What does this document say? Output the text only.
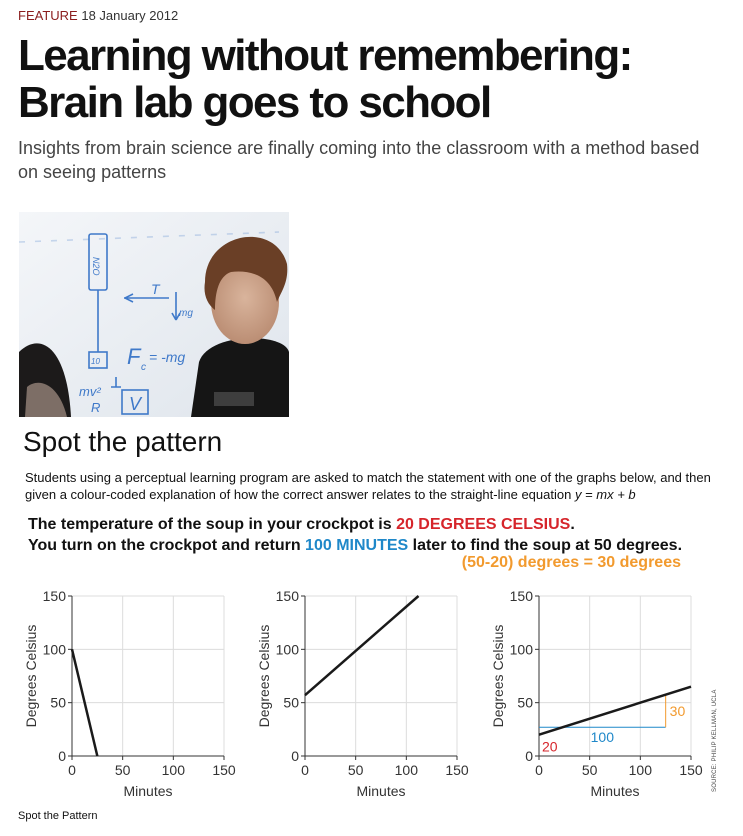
FEATURE 18 January 2012
Learning without remembering:
Brain lab goes to school

Insights from brain science are finally coming into the classroom with a method based on seeing patterns

N2O
F c
= -mg
mg
T
10
mv²
R V
Spot the pattern
Students using a perceptual learning program are asked to match the statement with one of the graphs below, and then given a colour-coded explanation of how the correct answer relates to the straight-line equation y = mx + b
The temperature of the soup in your crockpot is 20 DEGREES CELSIUS.
You turn on the crockpot and return 100 MINUTES later to find the soup at 50 degrees.
(50-20) degrees = 30 degrees
0
50
100
150
0	50 100 150
Minutes
Degrees Celsius
0
50
100
150
0	50 100 150
Minutes
Degrees Celsius
0
50
100
150
0	50 100 150
Minutes
Degrees Celsius
20
100
30	SOURCE: PHILIP KELLMAN, UCLA
Spot the Pattern
